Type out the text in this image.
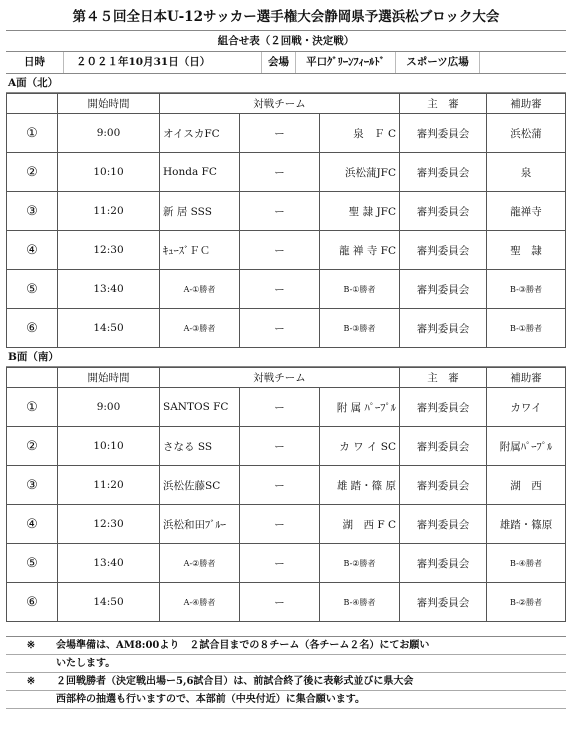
第４５回全日本U-12サッカー選手権大会静岡県予選浜松ブロック大会
組合せ表（２回戦・決定戦）
日時	２０２１年10月31日（日）	会場	平口ｸﾞﾘｰﾝﾌｨｰﾙﾄﾞ	スポーツ広場
A面（北）
	開始時間	対戦チーム			主　審	補助審
①	9:00	オイスカFC	ー	泉　Ｆ C	審判委員会	浜松蒲
②	10:10	Honda FC	ー	浜松蒲JFC	審判委員会	泉
③	11:20	新 居 SSS	ー	聖 隷 JFC	審判委員会	龍禅寺
④	12:30	ｷｭｰｽﾞＦＣ	ー	龍 禅 寺 FC	審判委員会	聖　隷
⑤	13:40	A-①勝者	ー	B-①勝者	審判委員会	B-③勝者
⑥	14:50	A-③勝者	ー	B-③勝者	審判委員会	B-①勝者
B面（南）
	開始時間	対戦チーム			主　審	補助審
①	9:00	SANTOS FC	ー	附 属 ﾊﾟｰﾌﾟﾙ	審判委員会	カワイ
②	10:10	さなる SS	ー	カ ワ イ SC	審判委員会	附属ﾊﾟｰﾌﾟﾙ
③	11:20	浜松佐藤SC	ー	雄 踏・篠 原	審判委員会	湖　西
④	12:30	浜松和田ﾌﾞﾙｰ	ー	湖　西 F C	審判委員会	雄踏・篠原
⑤	13:40	A-②勝者	ー	B-②勝者	審判委員会	B-④勝者
⑥	14:50	A-④勝者	ー	B-④勝者	審判委員会	B-②勝者
※	会場準備は、AM8:00より　２試合目までの８チーム（各チーム２名）にてお願い
いたします。
※	２回戦勝者（決定戦出場ー5,6試合目）は、前試合終了後に表彰式並びに県大会
西部枠の抽選も行いますので、本部前（中央付近）に集合願います。
